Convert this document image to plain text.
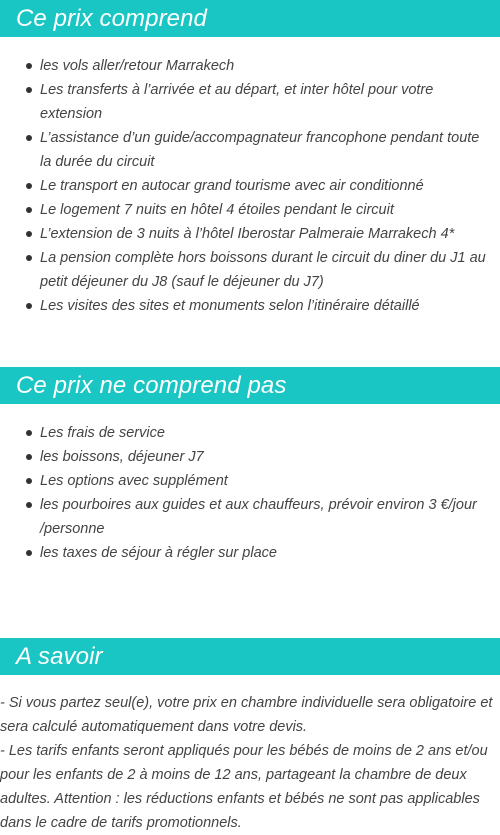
Ce prix comprend
les vols aller/retour Marrakech
Les transferts à l’arrivée et au départ, et inter hôtel pour votre extension
L’assistance d’un guide/accompagnateur francophone pendant toute la durée du circuit
Le transport en autocar grand tourisme avec air conditionné
Le logement 7 nuits en hôtel 4 étoiles pendant le circuit
L’extension de 3 nuits à l’hôtel Iberostar Palmeraie Marrakech 4*
La pension complète hors boissons durant le circuit du diner du J1 au petit déjeuner du J8 (sauf le déjeuner du J7)
Les visites des sites et monuments selon l’itinéraire détaillé
Ce prix ne comprend pas
Les frais de service
les boissons, déjeuner J7
Les options avec supplément
les pourboires aux guides et aux chauffeurs, prévoir environ 3 €/jour /personne
les taxes de séjour à régler sur place
A savoir

- Si vous partez seul(e), votre prix en chambre individuelle sera obligatoire et sera calculé automatiquement dans votre devis.

- Les tarifs enfants seront appliqués pour les bébés de moins de 2 ans et/ou pour les enfants de 2 à moins de 12 ans, partageant la chambre de deux adultes. Attention : les réductions enfants et bébés ne sont pas applicables dans le cadre de tarifs promotionnels.
